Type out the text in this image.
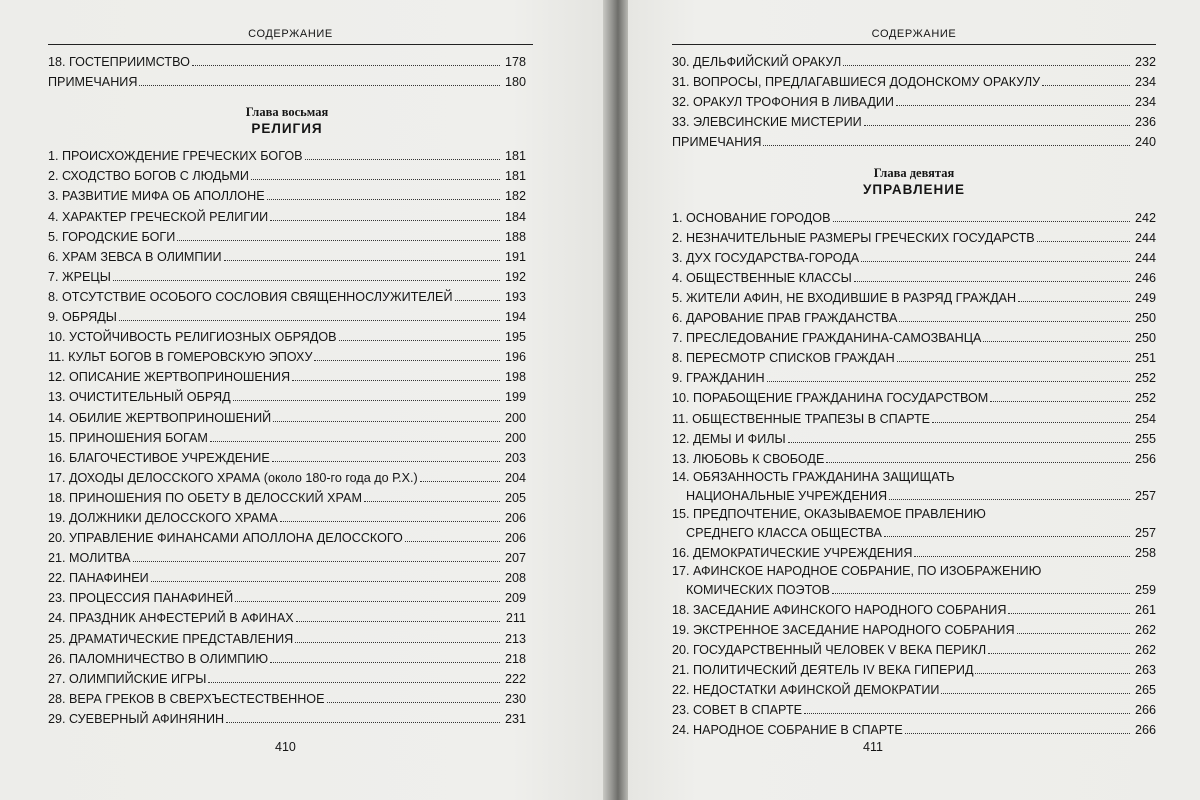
СОДЕРЖАНИЕ
18. ГОСТЕПРИИМСТВО	178
ПРИМЕЧАНИЯ	180
Глава восьмая
РЕЛИГИЯ
1. ПРОИСХОЖДЕНИЕ ГРЕЧЕСКИХ БОГОВ	181
2. СХОДСТВО БОГОВ С ЛЮДЬМИ	181
3. РАЗВИТИЕ МИФА ОБ АПОЛЛОНЕ	182
4. ХАРАКТЕР ГРЕЧЕСКОЙ РЕЛИГИИ	184
5. ГОРОДСКИЕ БОГИ	188
6. ХРАМ ЗЕВСА В ОЛИМПИИ	191
7. ЖРЕЦЫ	192
8. ОТСУТСТВИЕ ОСОБОГО СОСЛОВИЯ СВЯЩЕННОСЛУЖИТЕЛЕЙ	193
9. ОБРЯДЫ	194
10. УСТОЙЧИВОСТЬ РЕЛИГИОЗНЫХ ОБРЯДОВ	195
11. КУЛЬТ БОГОВ В ГОМЕРОВСКУЮ ЭПОХУ	196
12. ОПИСАНИЕ ЖЕРТВОПРИНОШЕНИЯ	198
13. ОЧИСТИТЕЛЬНЫЙ ОБРЯД	199
14. ОБИЛИЕ ЖЕРТВОПРИНОШЕНИЙ	200
15. ПРИНОШЕНИЯ БОГАМ	200
16. БЛАГОЧЕСТИВОЕ УЧРЕЖДЕНИЕ	203
17. ДОХОДЫ ДЕЛОССКОГО ХРАМА (около 180-го года до Р.Х.)	204
18. ПРИНОШЕНИЯ ПО ОБЕТУ В ДЕЛОССКИЙ ХРАМ	205
19. ДОЛЖНИКИ ДЕЛОССКОГО ХРАМА	206
20. УПРАВЛЕНИЕ ФИНАНСАМИ АПОЛЛОНА ДЕЛОССКОГО	206
21. МОЛИТВА	207
22. ПАНАФИНЕИ	208
23. ПРОЦЕССИЯ ПАНАФИНЕЙ	209
24. ПРАЗДНИК АНФЕСТЕРИЙ В АФИНАХ	211
25. ДРАМАТИЧЕСКИЕ ПРЕДСТАВЛЕНИЯ	213
26. ПАЛОМНИЧЕСТВО В ОЛИМПИЮ	218
27. ОЛИМПИЙСКИЕ ИГРЫ	222
28. ВЕРА ГРЕКОВ В СВЕРХЪЕСТЕСТВЕННОЕ	230
29. СУЕВЕРНЫЙ АФИНЯНИН	231
410
СОДЕРЖАНИЕ
30. ДЕЛЬФИЙСКИЙ ОРАКУЛ	232
31. ВОПРОСЫ, ПРЕДЛАГАВШИЕСЯ ДОДОНСКОМУ ОРАКУЛУ	234
32. ОРАКУЛ ТРОФОНИЯ В ЛИВАДИИ	234
33. ЭЛЕВСИНСКИЕ МИСТЕРИИ	236
ПРИМЕЧАНИЯ	240
Глава девятая
УПРАВЛЕНИЕ
1. ОСНОВАНИЕ ГОРОДОВ	242
2. НЕЗНАЧИТЕЛЬНЫЕ РАЗМЕРЫ ГРЕЧЕСКИХ ГОСУДАРСТВ	244
3. ДУХ ГОСУДАРСТВА-ГОРОДА	244
4. ОБЩЕСТВЕННЫЕ КЛАССЫ	246
5. ЖИТЕЛИ АФИН, НЕ ВХОДИВШИЕ В РАЗРЯД ГРАЖДАН	249
6. ДАРОВАНИЕ ПРАВ ГРАЖДАНСТВА	250
7. ПРЕСЛЕДОВАНИЕ ГРАЖДАНИНА-САМОЗВАНЦА	250
8. ПЕРЕСМОТР СПИСКОВ ГРАЖДАН	251
9. ГРАЖДАНИН	252
10. ПОРАБОЩЕНИЕ ГРАЖДАНИНА ГОСУДАРСТВОМ	252
11. ОБЩЕСТВЕННЫЕ ТРАПЕЗЫ В СПАРТЕ	254
12. ДЕМЫ И ФИЛЫ	255
13. ЛЮБОВЬ К СВОБОДЕ	256
14. ОБЯЗАННОСТЬ ГРАЖДАНИНА ЗАЩИЩАТЬ
НАЦИОНАЛЬНЫЕ УЧРЕЖДЕНИЯ	257
15. ПРЕДПОЧТЕНИЕ, ОКАЗЫВАЕМОЕ ПРАВЛЕНИЮ
СРЕДНЕГО КЛАССА ОБЩЕСТВА	257
16. ДЕМОКРАТИЧЕСКИЕ УЧРЕЖДЕНИЯ	258
17. АФИНСКОЕ НАРОДНОЕ СОБРАНИЕ, ПО ИЗОБРАЖЕНИЮ
КОМИЧЕСКИХ ПОЭТОВ	259
18. ЗАСЕДАНИЕ АФИНСКОГО НАРОДНОГО СОБРАНИЯ	261
19. ЭКСТРЕННОЕ ЗАСЕДАНИЕ НАРОДНОГО СОБРАНИЯ	262
20. ГОСУДАРСТВЕННЫЙ ЧЕЛОВЕК V ВЕКА ПЕРИКЛ	262
21. ПОЛИТИЧЕСКИЙ ДЕЯТЕЛЬ IV ВЕКА ГИПЕРИД	263
22. НЕДОСТАТКИ АФИНСКОЙ ДЕМОКРАТИИ	265
23. СОВЕТ В СПАРТЕ	266
24. НАРОДНОЕ СОБРАНИЕ В СПАРТЕ	266
411
